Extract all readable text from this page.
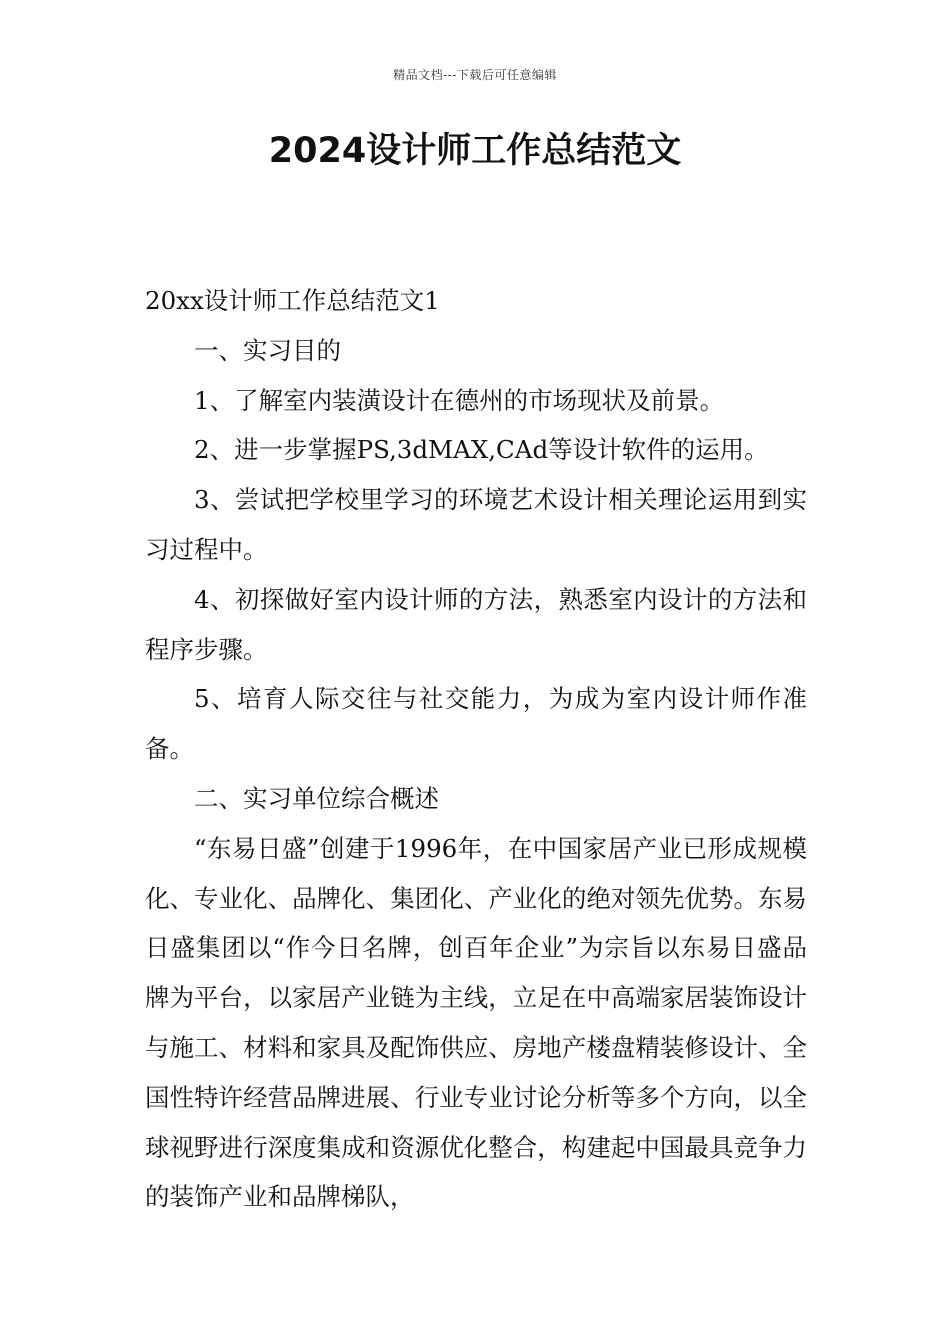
精品文档---下载后可任意编辑
2024设计师工作总结范文

20xx设计师工作总结范文1

一、实习目的

1、了解室内装潢设计在德州的市场现状及前景。

2、进一步掌握PS,3dMAX,CAd等设计软件的运用。

3、尝试把学校里学习的环境艺术设计相关理论运用到实习过程中。

4、初探做好室内设计师的方法，熟悉室内设计的方法和程序步骤。

5、培育人际交往与社交能力，为成为室内设计师作准备。

二、实习单位综合概述

“东易日盛”创建于1996年，在中国家居产业已形成规模化、专业化、品牌化、集团化、产业化的绝对领先优势。东易日盛集团以“作今日名牌，创百年企业”为宗旨以东易日盛品牌为平台，以家居产业链为主线，立足在中高端家居装饰设计与施工、材料和家具及配饰供应、房地产楼盘精装修设计、全国性特许经营品牌进展、行业专业讨论分析等多个方向，以全球视野进行深度集成和资源优化整合，构建起中国最具竞争力的装饰产业和品牌梯队，
